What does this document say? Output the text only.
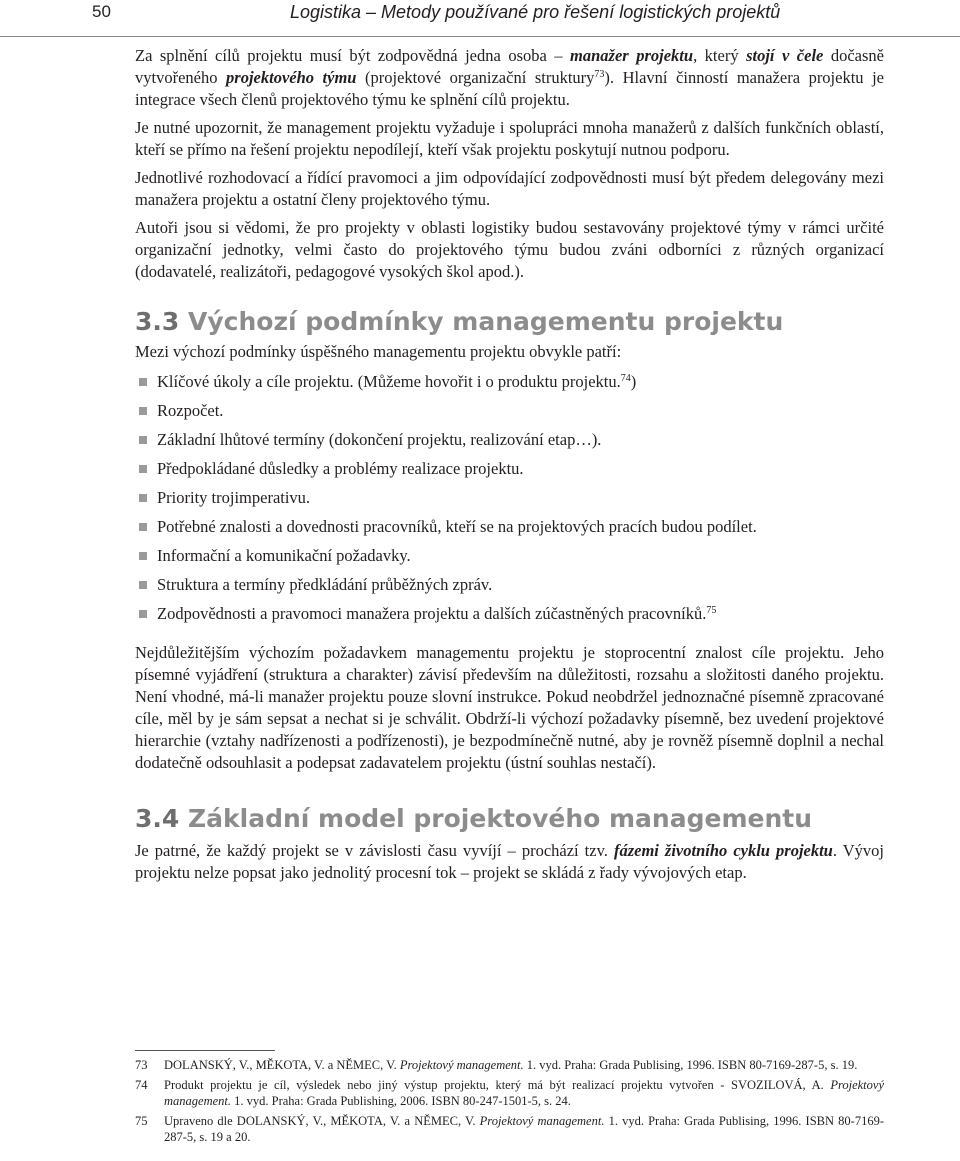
50	Logistika – Metody používané pro řešení logistických projektů

Za splnění cílů projektu musí být zodpovědná jedna osoba – manažer projektu, který stojí v čele dočasně vytvořeného projektového týmu (projektové organizační struktury$^{73}$). Hlavní činností manažera projektu je integrace všech členů projektového týmu ke splnění cílů projektu.

Je nutné upozornit, že management projektu vyžaduje i spolupráci mnoha manažerů z dalších funkčních oblastí, kteří se přímo na řešení projektu nepodílejí, kteří však projektu poskytují nutnou podporu.

Jednotlivé rozhodovací a řídící pravomoci a jim odpovídající zodpovědnosti musí být předem delegovány mezi manažera projektu a ostatní členy projektového týmu.

Autoři jsou si vědomi, že pro projekty v oblasti logistiky budou sestavovány projektové týmy v rámci určité organizační jednotky, velmi často do projektového týmu budou zváni odborníci z různých organizací (dodavatelé, realizátoři, pedagogové vysokých škol apod.).

3.3 Výchozí podmínky managementu projektu

Mezi výchozí podmínky úspěšného managementu projektu obvykle patří:

Klíčové úkoly a cíle projektu. (Můžeme hovořit i o produktu projektu.$^{74}$)
Rozpočet.
Základní lhůtové termíny (dokončení projektu, realizování etap…).
Předpokládané důsledky a problémy realizace projektu.
Priority trojimperativu.
Potřebné znalosti a dovednosti pracovníků, kteří se na projektových pracích budou podílet.
Informační a komunikační požadavky.
Struktura a termíny předkládání průběžných zpráv.
Zodpovědnosti a pravomoci manažera projektu a dalších zúčastněných pracovníků.$^{75}$

Nejdůležitějším výchozím požadavkem managementu projektu je stoprocentní znalost cíle projektu. Jeho písemné vyjádření (struktura a charakter) závisí především na důležitosti, rozsahu a složitosti daného projektu. Není vhodné, má-li manažer projektu pouze slovní instrukce. Pokud neobdržel jednoznačné písemně zpracované cíle, měl by je sám sepsat a nechat si je schválit. Obdrží-li výchozí požadavky písemně, bez uvedení projektové hierarchie (vztahy nadřízenosti a podřízenosti), je bezpodmínečně nutné, aby je rovněž písemně doplnil a nechal dodatečně odsouhlasit a podepsat zadavatelem projektu (ústní souhlas nestačí).

3.4 Základní model projektového managementu

Je patrné, že každý projekt se v závislosti času vyvíjí – prochází tzv. fázemi životního cyklu projektu. Vývoj projektu nelze popsat jako jednolitý procesní tok – projekt se skládá z řady vývojových etap.

73 DOLANSKÝ, V., MĚKOTA, V. a NĚMEC, V. Projektový management. 1. vyd. Praha: Grada Publising, 1996. ISBN 80-7169-287-5, s. 19.
74 Produkt projektu je cíl, výsledek nebo jiný výstup projektu, který má být realizací projektu vytvořen - SVOZILOVÁ, A. Projektový management. 1. vyd. Praha: Grada Publishing, 2006. ISBN 80-247-1501-5, s. 24.
75 Upraveno dle DOLANSKÝ, V., MĚKOTA, V. a NĚMEC, V. Projektový management. 1. vyd. Praha: Grada Publising, 1996. ISBN 80-7169-287-5, s. 19 a 20.
